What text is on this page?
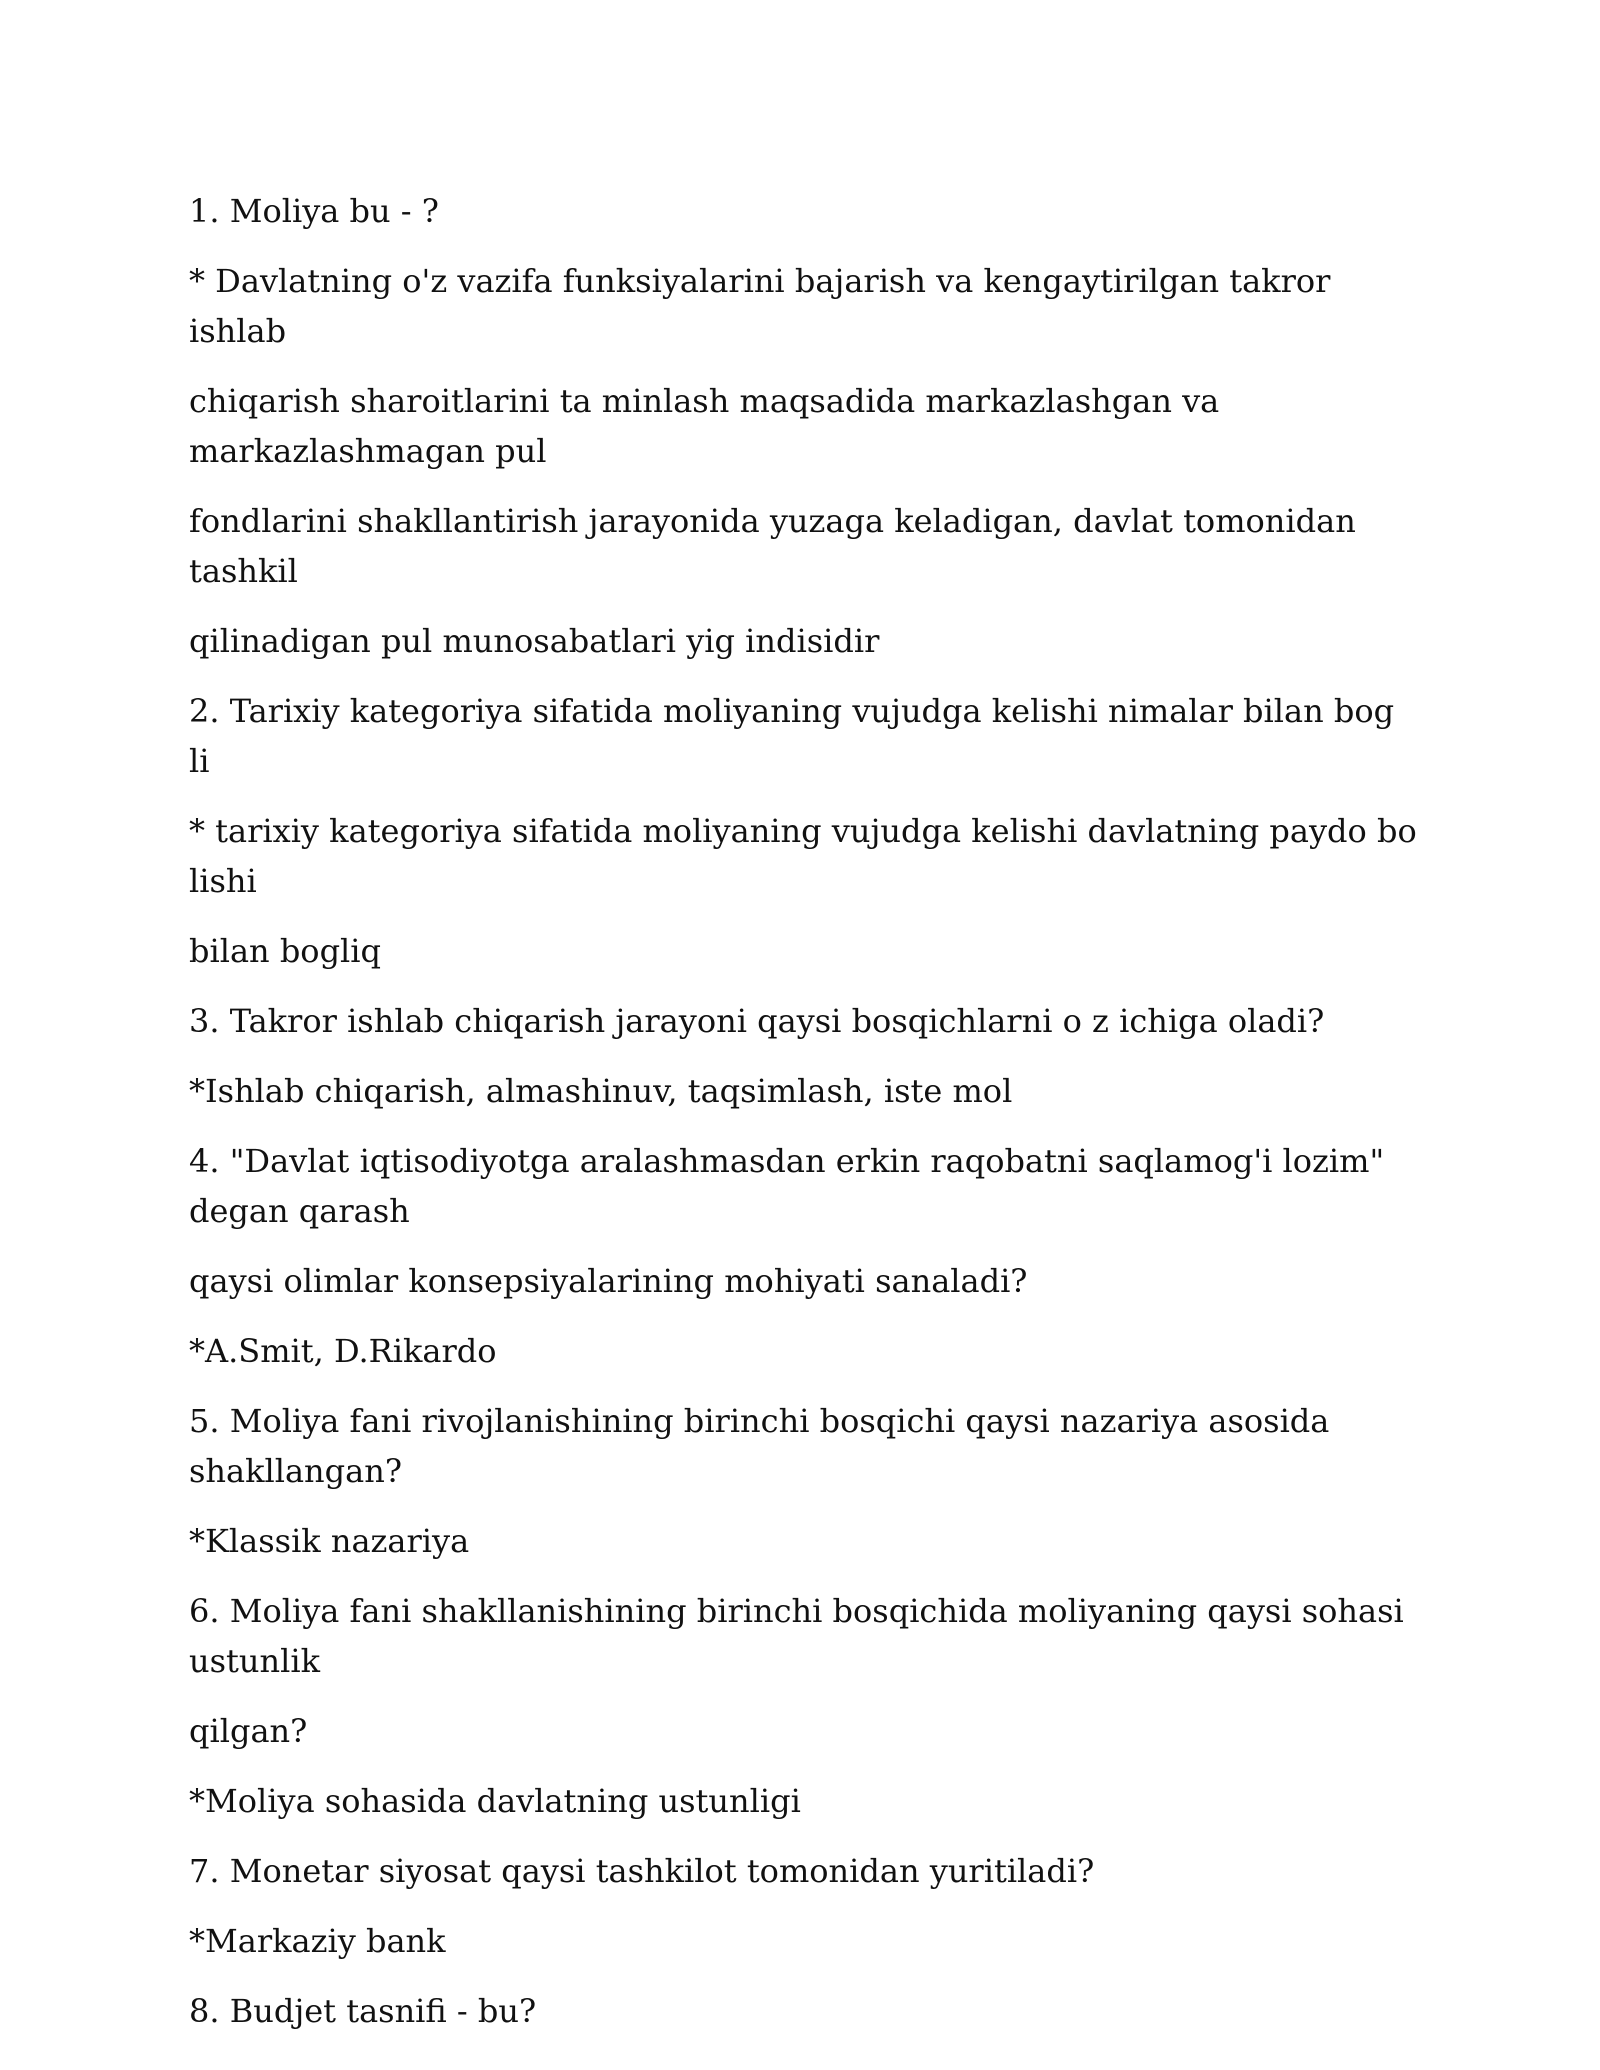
1. Moliya bu - ?

* Davlatning o'z vazifa funksiyalarini bajarish va kengaytirilgan takror ishlab

chiqarish sharoitlarini ta minlash maqsadida markazlashgan va markazlashmagan pul

fondlarini shakllantirish jarayonida yuzaga keladigan, davlat tomonidan tashkil

qilinadigan pul munosabatlari yig indisidir

2. Tarixiy kategoriya sifatida moliyaning vujudga kelishi nimalar bilan bog li

* tarixiy kategoriya sifatida moliyaning vujudga kelishi davlatning paydo bo lishi

bilan bogliq

3. Takror ishlab chiqarish jarayoni qaysi bosqichlarni o z ichiga oladi?

*Ishlab chiqarish, almashinuv, taqsimlash, iste mol

4. "Davlat iqtisodiyotga aralashmasdan erkin raqobatni saqlamog'i lozim" degan qarash

qaysi olimlar konsepsiyalarining mohiyati sanaladi?

*A.Smit, D.Rikardo

5. Moliya fani rivojlanishining birinchi bosqichi qaysi nazariya asosida shakllangan?

*Klassik nazariya

6. Moliya fani shakllanishining birinchi bosqichida moliyaning qaysi sohasi ustunlik

qilgan?

*Moliya sohasida davlatning ustunligi

7. Monetar siyosat qaysi tashkilot tomonidan yuritiladi?

*Markaziy bank

8. Budjet tasnifi - bu?
